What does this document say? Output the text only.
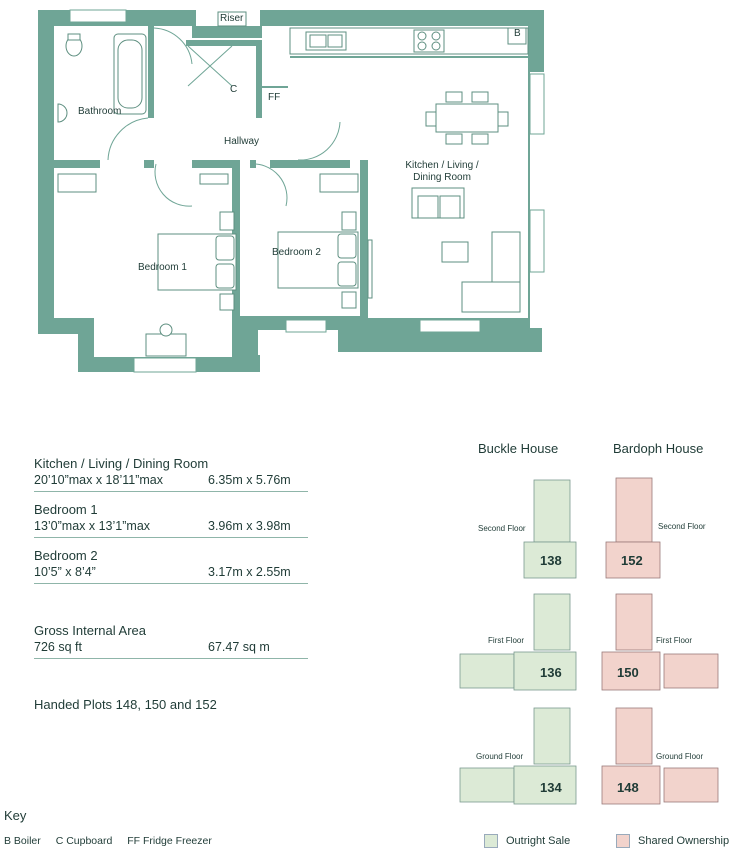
Riser
Bathroom
C
FF
B
Hallway
Kitchen / Living /
Dining Room
Bedroom 1
Bedroom 2
Kitchen / Living / Dining Room
20’10”max x 18’11”max	6.35m x 5.76m
Bedroom 1
13’0”max x 13’1”max	3.96m x 3.98m
Bedroom 2
10’5” x 8’4”	3.17m x 2.55m
Gross Internal Area
726 sq ft	67.47 sq m
Handed Plots 148, 150 and 152
Key
B Boiler C Cupboard FF Fridge Freezer	Outright Sale	Shared Ownership
Buckle House	Bardoph House
Second Floor	Second Floor
First Floor	First Floor
Ground Floor	Ground Floor
138
136
134
152
150
148
